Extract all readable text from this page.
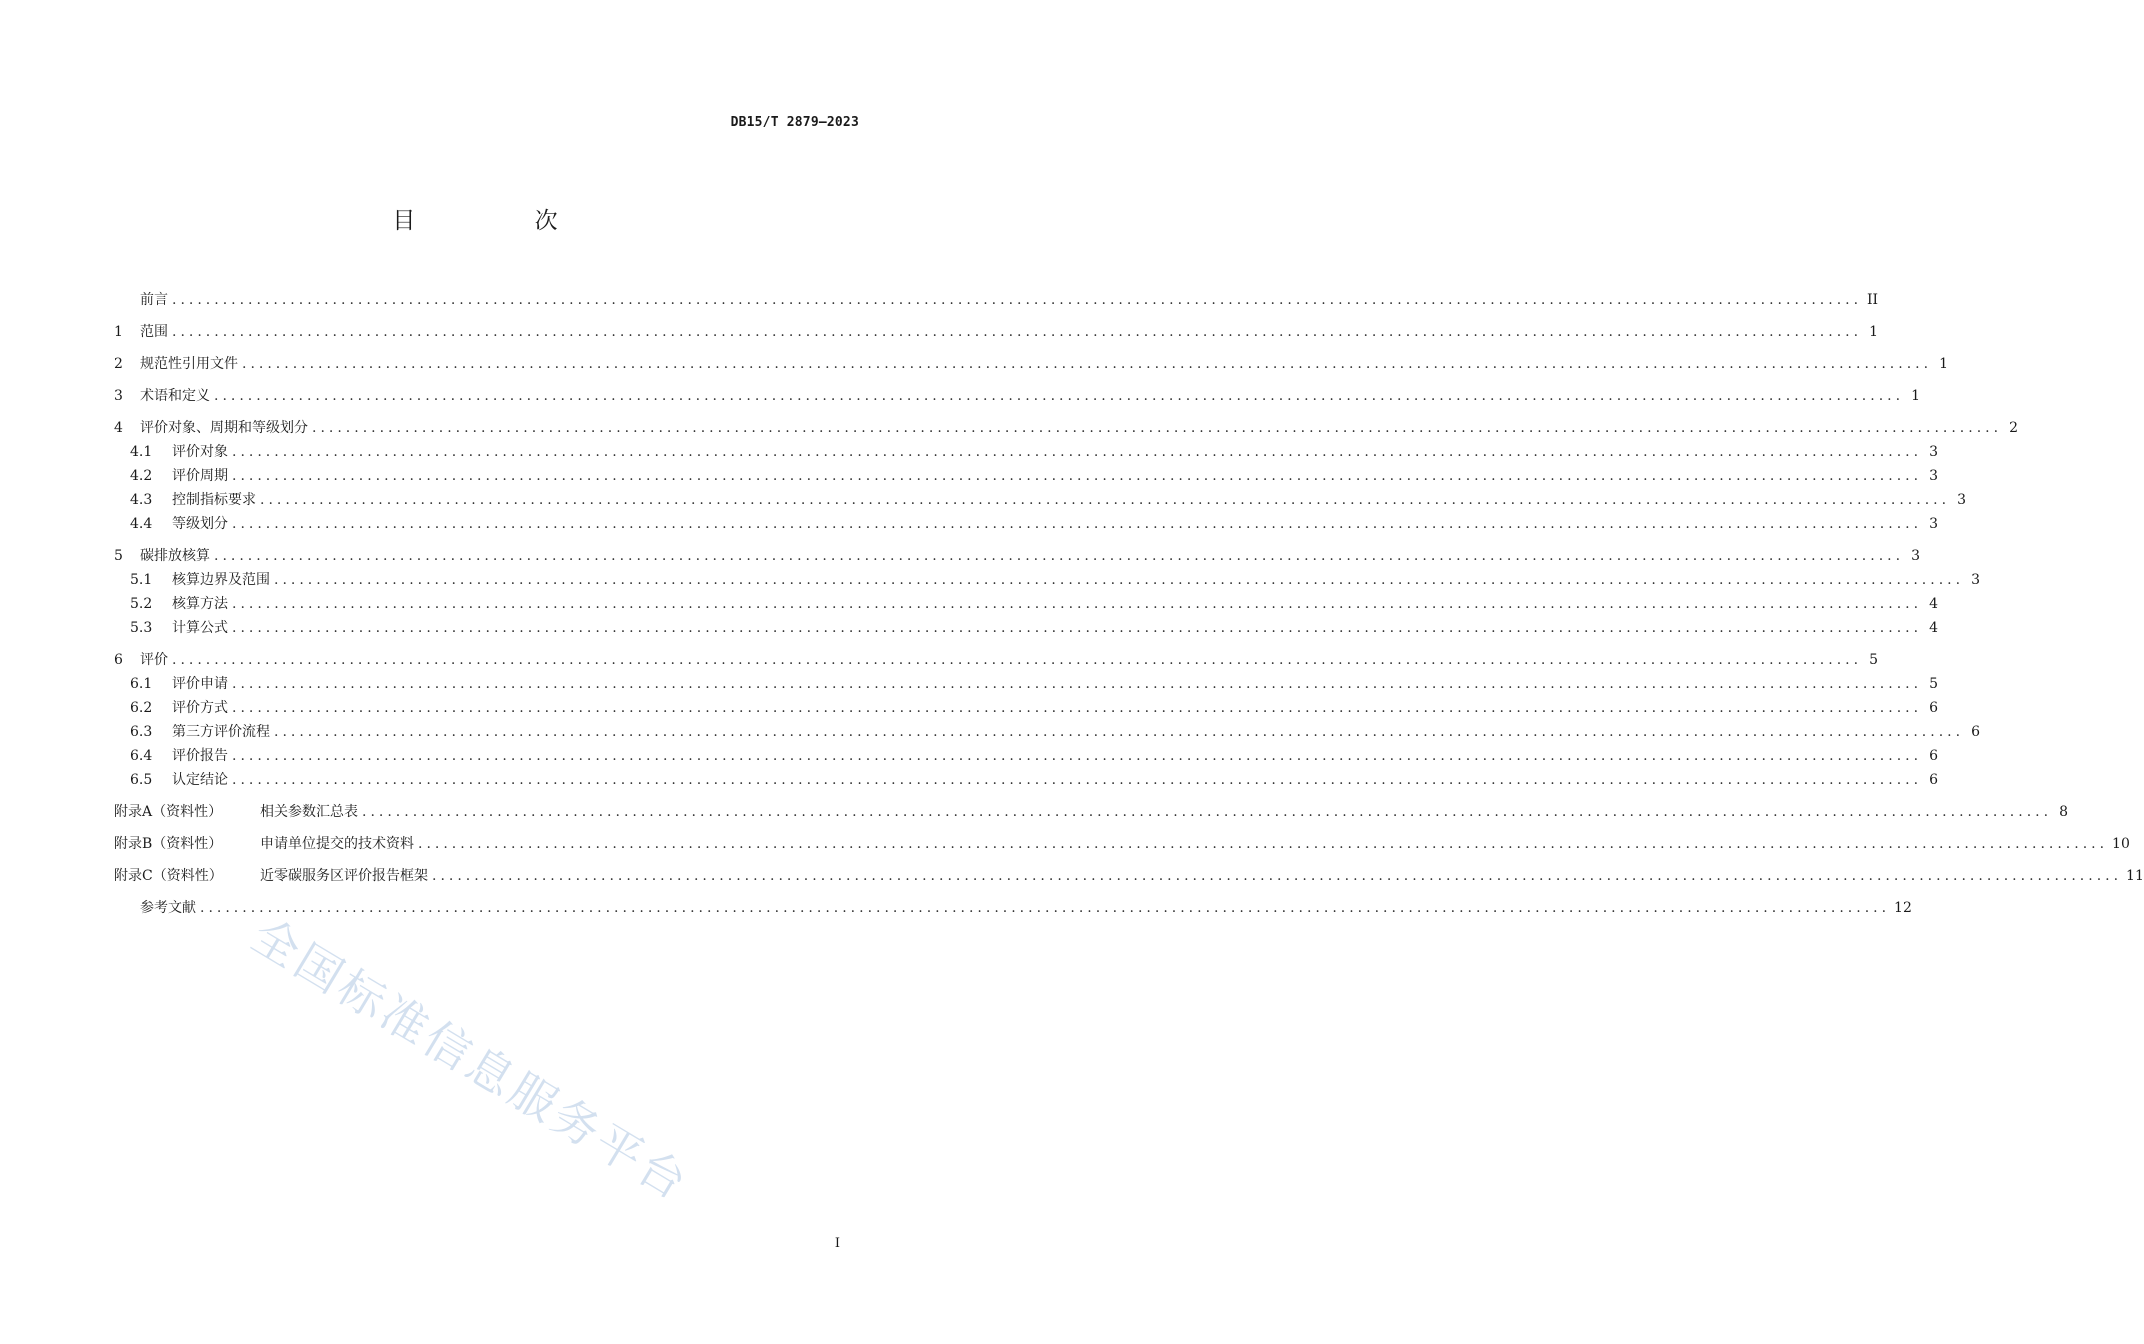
DB15/T 2879—2023
目 次
前言 ........................................................................................................................................................................................................ II
1	范围 ........................................................................................................................................................................................................ 1
2	规范性引用文件 ........................................................................................................................................................................................................ 1
3	术语和定义 ........................................................................................................................................................................................................ 1
4	评价对象、周期和等级划分 ........................................................................................................................................................................................................ 2
4.1	评价对象 ........................................................................................................................................................................................................ 3
4.2	评价周期 ........................................................................................................................................................................................................ 3
4.3	控制指标要求 ........................................................................................................................................................................................................ 3
4.4	等级划分 ........................................................................................................................................................................................................ 3
5	碳排放核算 ........................................................................................................................................................................................................ 3
5.1	核算边界及范围 ........................................................................................................................................................................................................ 3
5.2	核算方法 ........................................................................................................................................................................................................ 4
5.3	计算公式 ........................................................................................................................................................................................................ 4
6	评价 ........................................................................................................................................................................................................ 5
6.1	评价申请 ........................................................................................................................................................................................................ 5
6.2	评价方式 ........................................................................................................................................................................................................ 6
6.3	第三方评价流程 ........................................................................................................................................................................................................ 6
6.4	评价报告 ........................................................................................................................................................................................................ 6
6.5	认定结论 ........................................................................................................................................................................................................ 6
附录A（资料性）	相关参数汇总表 ........................................................................................................................................................................................................ 8
附录B（资料性）	申请单位提交的技术资料 ........................................................................................................................................................................................................ 10
附录C（资料性）	近零碳服务区评价报告框架 ........................................................................................................................................................................................................ 11
参考文献 ........................................................................................................................................................................................................ 12
全国标准信息服务平台
I
